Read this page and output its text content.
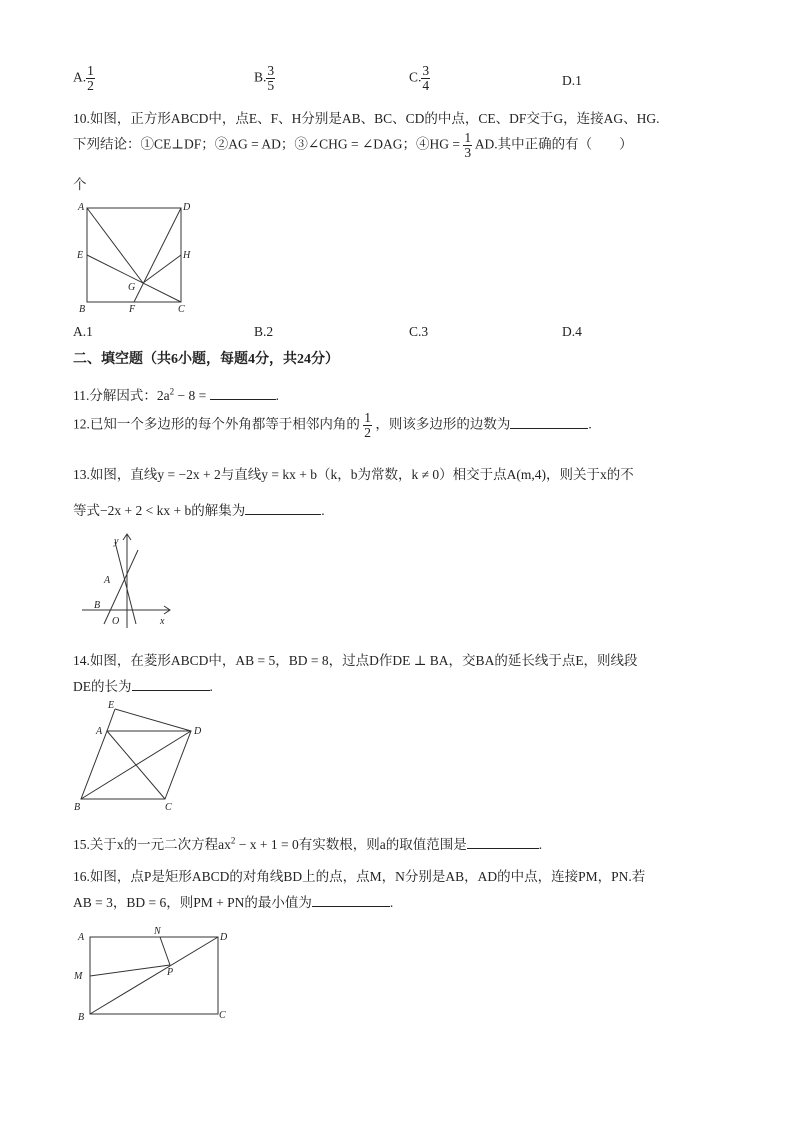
A. $\frac{1}{2}$	B. $\frac{3}{5}$	C. $\frac{3}{4}$	D.1
10.如图，正方形ABCD中，点E、F、H分别是AB、BC、CD的中点，CE、DF交于G，连接AG、HG.
下列结论：①CE⊥DF；②AG = AD；③∠CHG = ∠DAG；④HG = $\frac{1}{3}$ AD.其中正确的有（　　）
个
A	D
E	H
G
B	F	C
A.1	B.2	C.3	D.4
二、填空题（共6小题，每题4分，共24分）
11.分解因式：$2a^2 - 8$ =	.
12.已知一个多边形的每个外角都等于相邻内角的 $\frac{1}{2}$ ，则该多边形的边数为	.
13.如图，直线y = −2x + 2与直线y = kx + b（k，b为常数，k ≠ 0）相交于点A(m,4)，则关于x的不
等式−2x + 2 < kx + b的解集为	.
y
A
B
O	x
14.如图，在菱形ABCD中，AB = 5，BD = 8，过点D作DE ⊥ BA，交BA的延长线于点E，则线段
DE的长为	.
E
A	D
B	C
15.关于x的一元二次方程$ax^2 - x + 1 = 0$有实数根，则a的取值范围是	.
16.如图，点P是矩形ABCD的对角线BD上的点，点M，N分别是AB，AD的中点，连接PM，PN.若
AB = 3，BD = 6，则PM + PN的最小值为	.
A
N
D
M	P
B	C
